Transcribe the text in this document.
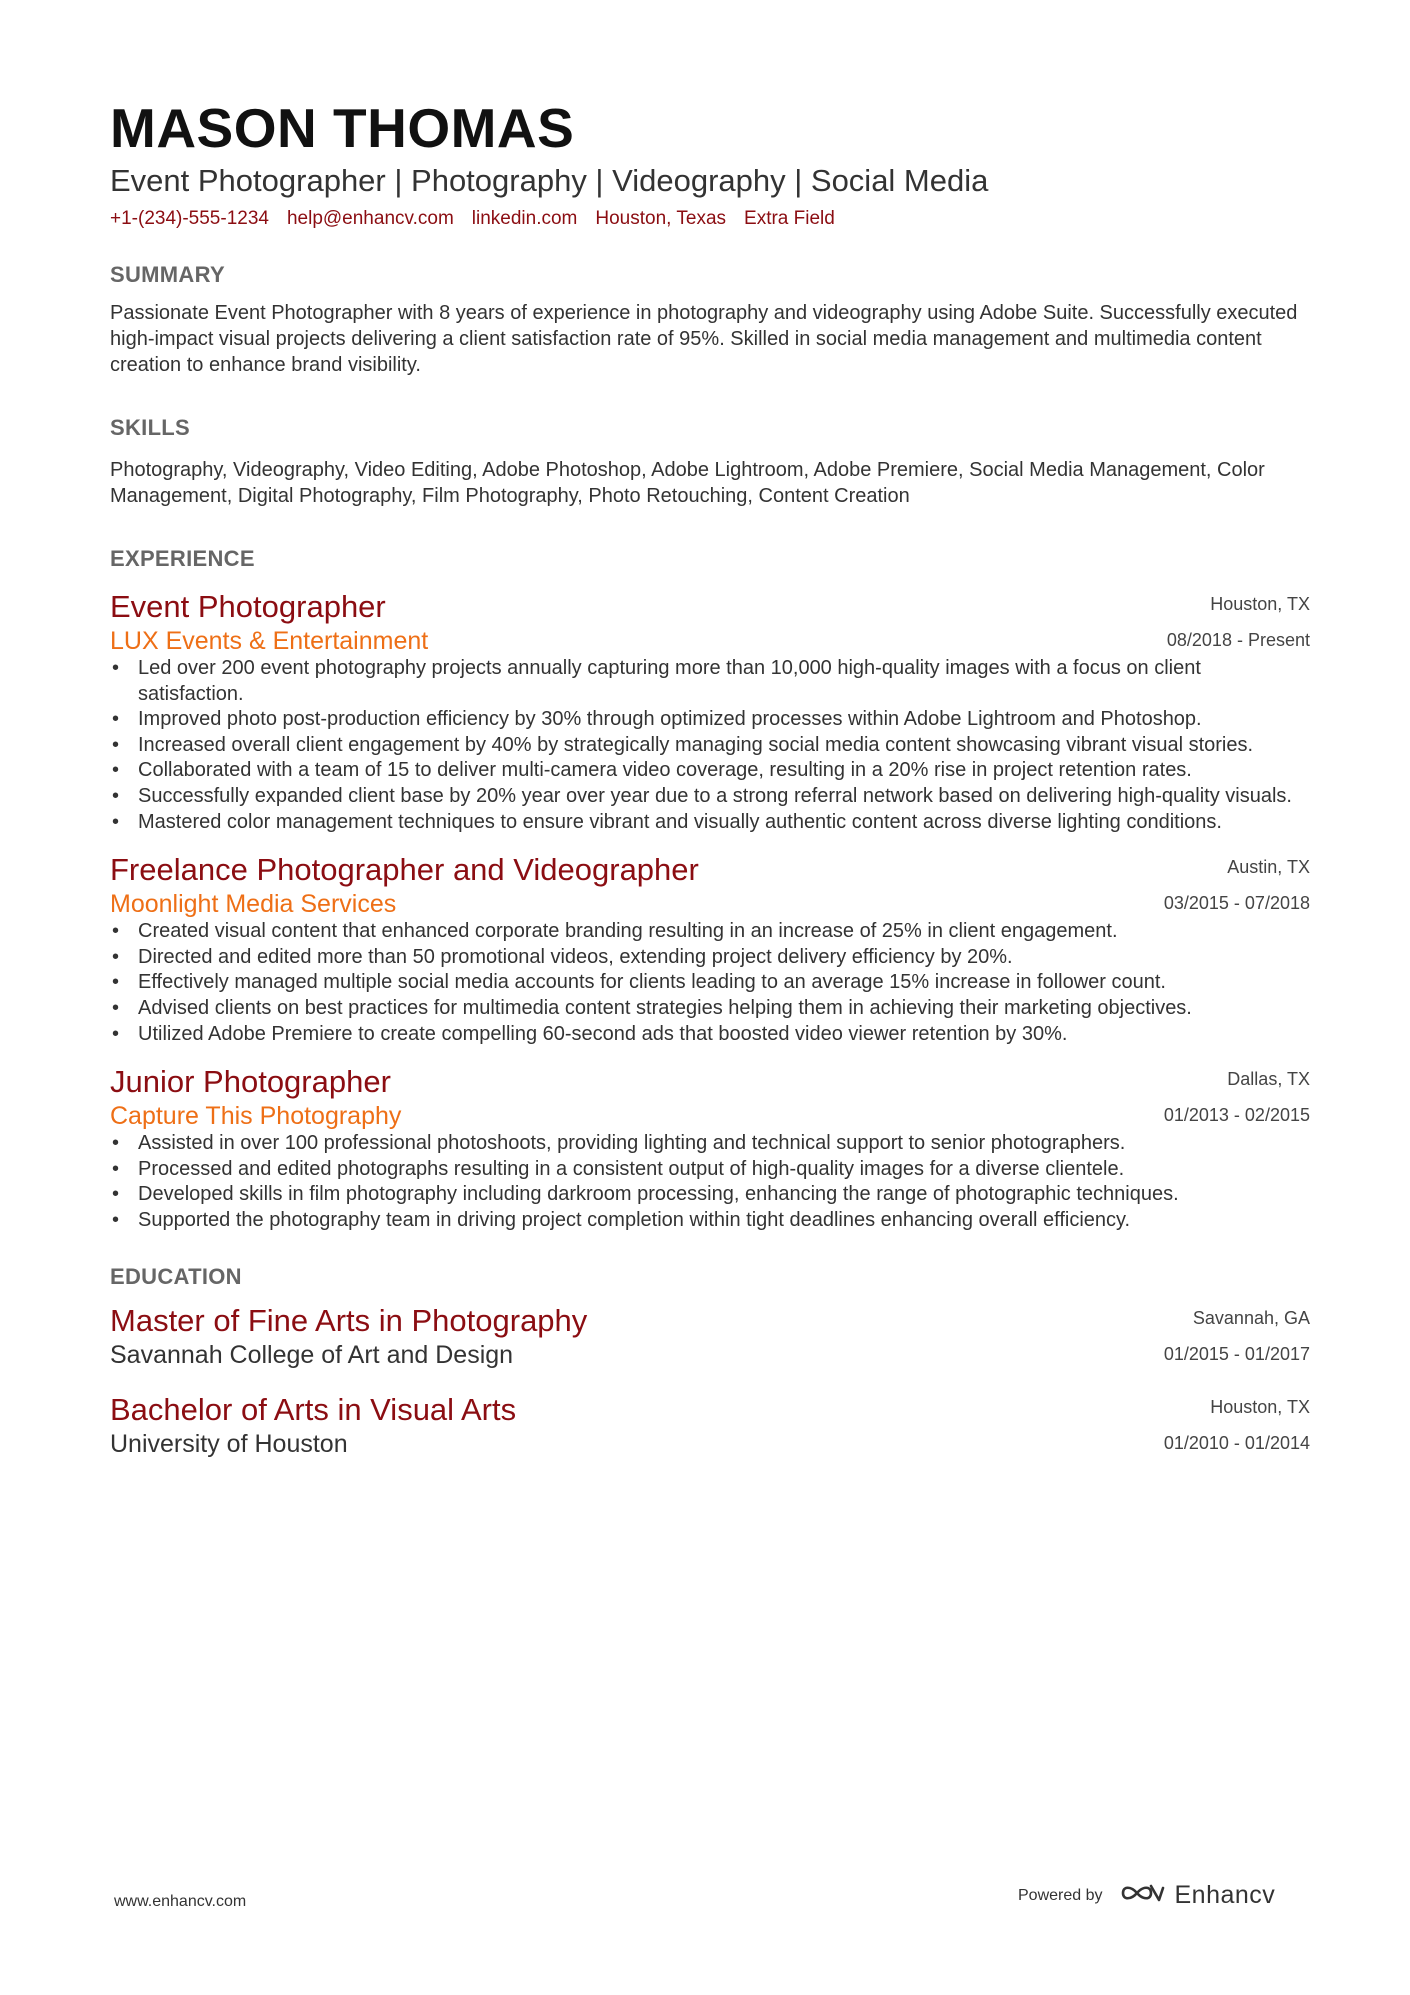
MASON THOMAS
Event Photographer | Photography | Videography | Social Media
+1-(234)-555-1234 help@enhancv.com linkedin.com Houston, Texas Extra Field
SUMMARY
Passionate Event Photographer with 8 years of experience in photography and videography using Adobe Suite. Successfully executed high-impact visual projects delivering a client satisfaction rate of 95%. Skilled in social media management and multimedia content creation to enhance brand visibility.
SKILLS
Photography, Videography, Video Editing, Adobe Photoshop, Adobe Lightroom, Adobe Premiere, Social Media Management, Color Management, Digital Photography, Film Photography, Photo Retouching, Content Creation
EXPERIENCE
Event Photographer
LUX Events & Entertainment
Houston, TX
08/2018 - Present
• Led over 200 event photography projects annually capturing more than 10,000 high-quality images with a focus on client satisfaction.
• Improved photo post-production efficiency by 30% through optimized processes within Adobe Lightroom and Photoshop.
• Increased overall client engagement by 40% by strategically managing social media content showcasing vibrant visual stories.
• Collaborated with a team of 15 to deliver multi-camera video coverage, resulting in a 20% rise in project retention rates.
• Successfully expanded client base by 20% year over year due to a strong referral network based on delivering high-quality visuals.
• Mastered color management techniques to ensure vibrant and visually authentic content across diverse lighting conditions.
Freelance Photographer and Videographer
Moonlight Media Services
Austin, TX
03/2015 - 07/2018
• Created visual content that enhanced corporate branding resulting in an increase of 25% in client engagement.
• Directed and edited more than 50 promotional videos, extending project delivery efficiency by 20%.
• Effectively managed multiple social media accounts for clients leading to an average 15% increase in follower count.
• Advised clients on best practices for multimedia content strategies helping them in achieving their marketing objectives.
• Utilized Adobe Premiere to create compelling 60-second ads that boosted video viewer retention by 30%.
Junior Photographer
Capture This Photography
Dallas, TX
01/2013 - 02/2015
• Assisted in over 100 professional photoshoots, providing lighting and technical support to senior photographers.
• Processed and edited photographs resulting in a consistent output of high-quality images for a diverse clientele.
• Developed skills in film photography including darkroom processing, enhancing the range of photographic techniques.
• Supported the photography team in driving project completion within tight deadlines enhancing overall efficiency.
EDUCATION
Master of Fine Arts in Photography
Savannah College of Art and Design
Savannah, GA
01/2015 - 01/2017
Bachelor of Arts in Visual Arts
University of Houston
Houston, TX
01/2010 - 01/2014
www.enhancv.com	Powered by	Enhancv
